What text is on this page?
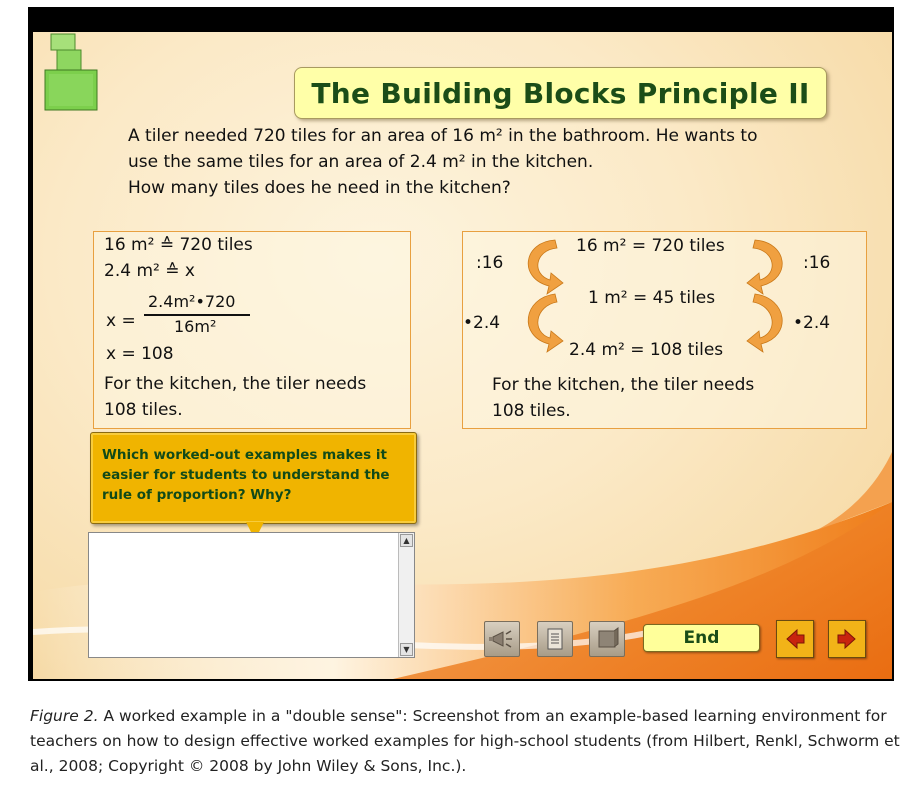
The Building Blocks Principle II

A tiler needed 720 tiles for an area of 16 m² in the bathroom. He wants to

use the same tiles for an area of 2.4 m² in the kitchen.

How many tiles does he need in the kitchen?

16 m² ≙ 720 tiles
2.4 m² ≙ x
x =
2.4m²•720
16m²
x = 108
For the kitchen, the tiler needs
108 tiles.
:16	:16
•2.4	•2.4
16 m² = 720 tiles
1 m² = 45 tiles
2.4 m² = 108 tiles
For the kitchen, the tiler needs
108 tiles.
Which worked-out examples makes it easier for students to understand the rule of proportion? Why?
▲
▼
End

Figure 2. A worked example in a "double sense": Screenshot from an example-based learning environment for teachers on how to design effective worked examples for high-school students (from Hilbert, Renkl, Schworm et al., 2008; Copyright © 2008 by John Wiley & Sons, Inc.).
